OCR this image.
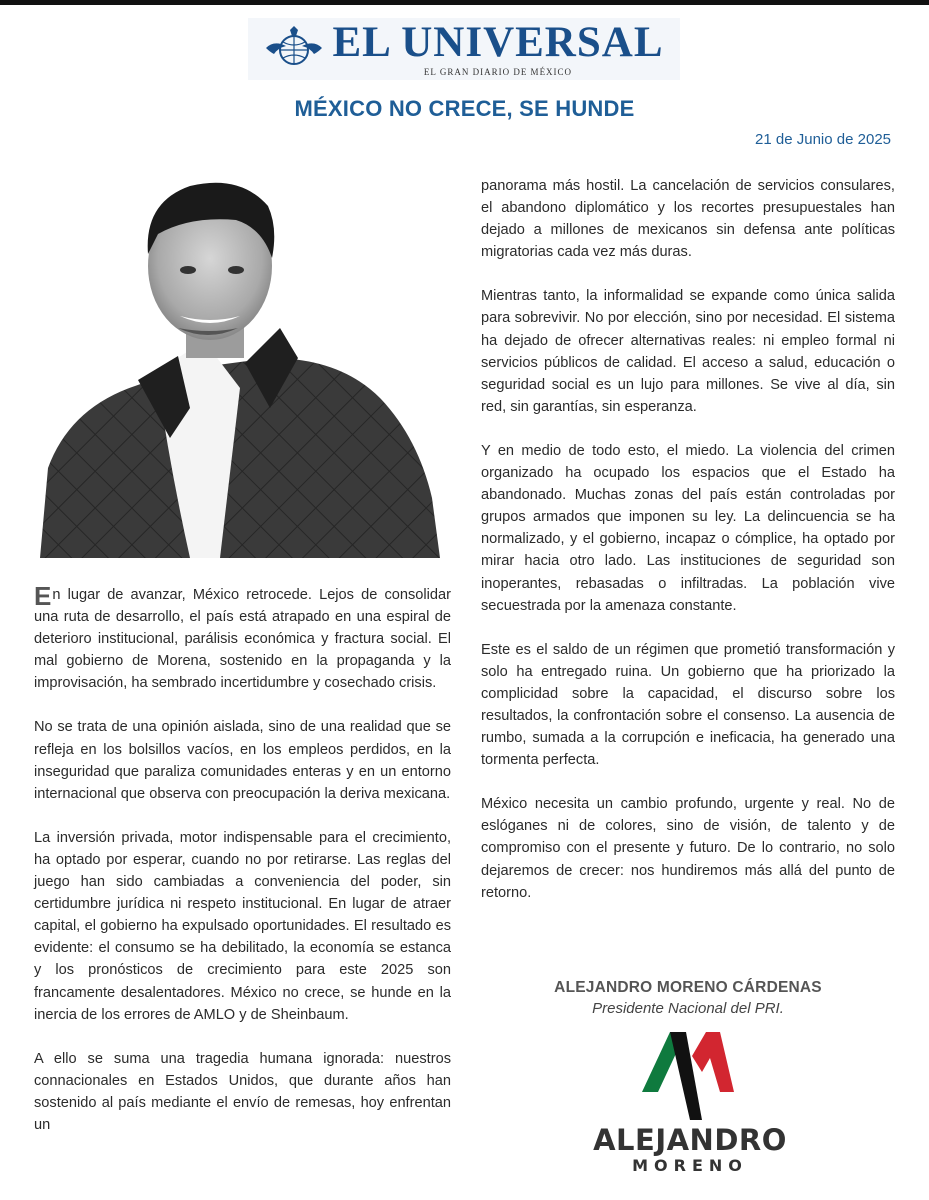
EL UNIVERSAL
EL GRAN DIARIO DE MÉXICO
MÉXICO NO CRECE, SE HUNDE
21 de Junio de 2025

En lugar de avanzar, México retrocede. Lejos de consolidar una ruta de desarrollo, el país está atrapado en una espiral de deterioro institucional, parálisis económica y fractura social. El mal gobierno de Morena, sostenido en la propaganda y la improvisación, ha sembrado incertidumbre y cosechado crisis.

No se trata de una opinión aislada, sino de una realidad que se refleja en los bolsillos vacíos, en los empleos perdidos, en la inseguridad que paraliza comunidades enteras y en un entorno internacional que observa con preocupación la deriva mexicana.

La inversión privada, motor indispensable para el crecimiento, ha optado por esperar, cuando no por retirarse. Las reglas del juego han sido cambiadas a conveniencia del poder, sin certidumbre jurídica ni respeto institucional. En lugar de atraer capital, el gobierno ha expulsado oportunidades. El resultado es evidente: el consumo se ha debilitado, la economía se estanca y los pronósticos de crecimiento para este 2025 son francamente desalentadores. México no crece, se hunde en la inercia de los errores de AMLO y de Sheinbaum.

A ello se suma una tragedia humana ignorada: nuestros connacionales en Estados Unidos, que durante años han sostenido al país mediante el envío de remesas, hoy enfrentan un

panorama más hostil. La cancelación de servicios consulares, el abandono diplomático y los recortes presupuestales han dejado a millones de mexicanos sin defensa ante políticas migratorias cada vez más duras.

Mientras tanto, la informalidad se expande como única salida para sobrevivir. No por elección, sino por necesidad. El sistema ha dejado de ofrecer alternativas reales: ni empleo formal ni servicios públicos de calidad. El acceso a salud, educación o seguridad social es un lujo para millones. Se vive al día, sin red, sin garantías, sin esperanza.

Y en medio de todo esto, el miedo. La violencia del crimen organizado ha ocupado los espacios que el Estado ha abandonado. Muchas zonas del país están controladas por grupos armados que imponen su ley. La delincuencia se ha normalizado, y el gobierno, incapaz o cómplice, ha optado por mirar hacia otro lado. Las instituciones de seguridad son inoperantes, rebasadas o infiltradas. La población vive secuestrada por la amenaza constante.

Este es el saldo de un régimen que prometió transformación y solo ha entregado ruina. Un gobierno que ha priorizado la complicidad sobre la capacidad, el discurso sobre los resultados, la confrontación sobre el consenso. La ausencia de rumbo, sumada a la corrupción e ineficacia, ha generado una tormenta perfecta.

México necesita un cambio profundo, urgente y real. No de eslóganes ni de colores, sino de visión, de talento y de compromiso con el presente y futuro. De lo contrario, no solo dejaremos de crecer: nos hundiremos más allá del punto de retorno.

ALEJANDRO MORENO CÁRDENAS
Presidente Nacional del PRI.
ALEJANDRO
MORENO
